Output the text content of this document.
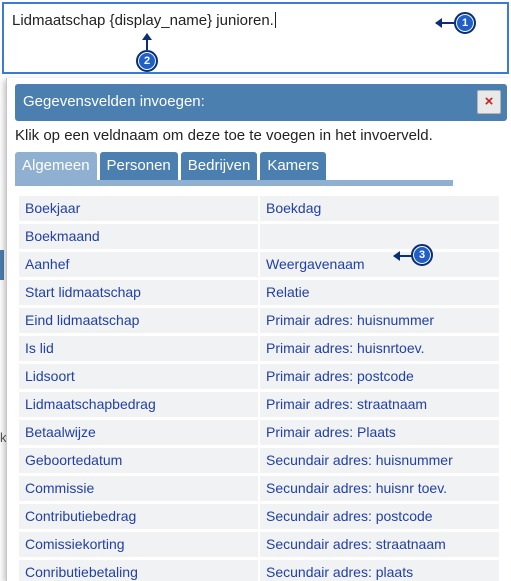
Lidmaatschap {display_name} junioren.	1
2
k
Gegevensvelden invoegen:	×
Klik op een veldnaam om deze toe te voegen in het invoerveld.
Algemeen	Personen	Bedrijven	Kamers
Boekjaar	Boekdag
Boekmaand
Aanhef	Weergavenaam
Start lidmaatschap	Relatie
Eind lidmaatschap	Primair adres: huisnummer
Is lid	Primair adres: huisnrtoev.
Lidsoort	Primair adres: postcode
Lidmaatschapbedrag	Primair adres: straatnaam
Betaalwijze	Primair adres: Plaats
Geboortedatum	Secundair adres: huisnummer
Commissie	Secundair adres: huisnr toev.
Contributiebedrag	Secundair adres: postcode
Comissiekorting	Secundair adres: straatnaam
Conributiebetaling	Secundair adres: plaats
3
